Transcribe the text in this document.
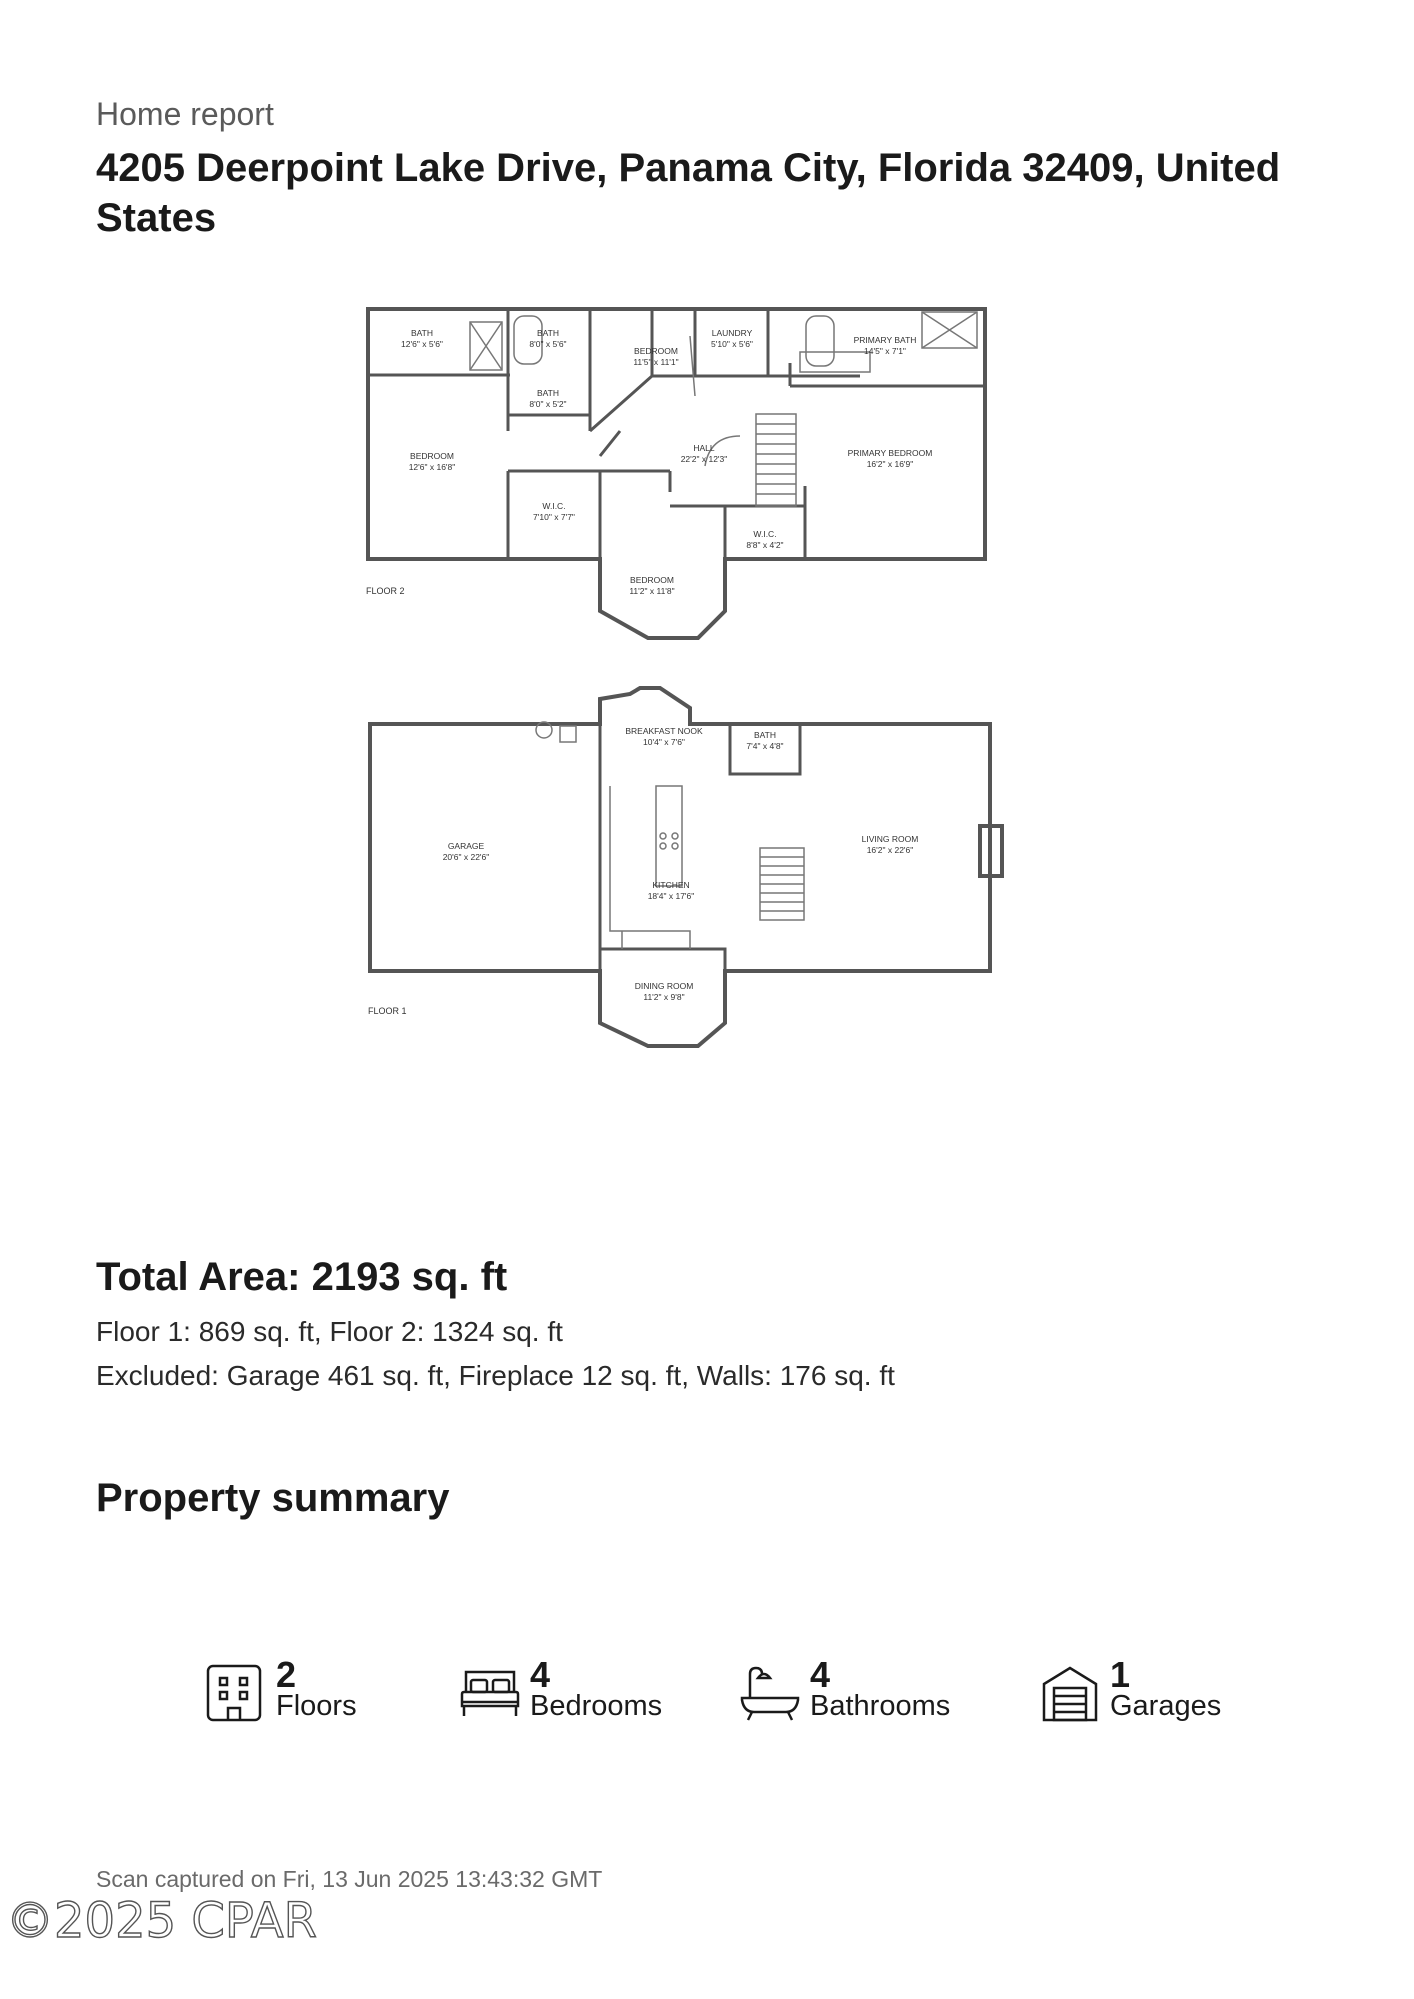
Home report
4205 Deerpoint Lake Drive, Panama City, Florida 32409, United States
BATH
12'6" x 5'6"
BATH
8'0" x 5'6"
BEDROOM
11'5" x 11'1"
LAUNDRY
5'10" x 5'6"	PRIMARY BATH
14'5" x 7'1"
BATH
8'0" x 5'2"
BEDROOM
12'6" x 16'8"
HALL
22'2" x 12'3"
PRIMARY BEDROOM
16'2" x 16'9"
W.I.C.
7'10" x 7'7"
W.I.C.
8'8" x 4'2"
BEDROOM
11'2" x 11'8"
FLOOR 2
BREAKFAST NOOK
10'4" x 7'6"
BATH
7'4" x 4'8"
GARAGE
20'6" x 22'6"
LIVING ROOM
16'2" x 22'6"
KITCHEN
18'4" x 17'6"
DINING ROOM
11'2" x 9'8"
FLOOR 1
Total Area: 2193 sq. ft
Floor 1: 869 sq. ft, Floor 2: 1324 sq. ft
Excluded: Garage 461 sq. ft, Fireplace 12 sq. ft, Walls: 176 sq. ft
Property summary
2
Floors
4
Bedrooms
4
Bathrooms
1
Garages
Scan captured on Fri, 13 Jun 2025 13:43:32 GMT
©2025 CPAR
